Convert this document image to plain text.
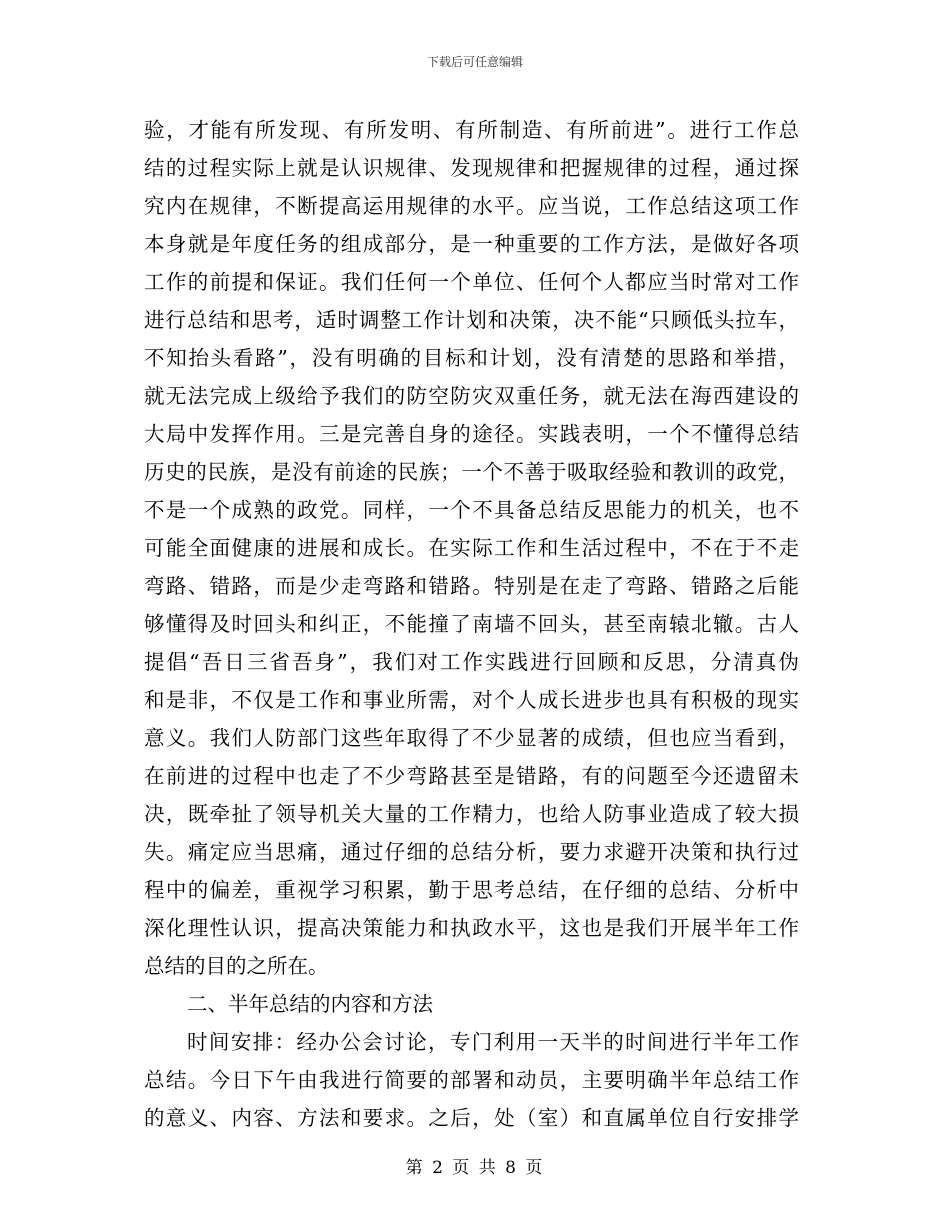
下载后可任意编辑
验，才能有所发现、有所发明、有所制造、有所前进”。进行工作总
结的过程实际上就是认识规律、发现规律和把握规律的过程，通过探
究内在规律，不断提高运用规律的水平。应当说，工作总结这项工作
本身就是年度任务的组成部分，是一种重要的工作方法，是做好各项
工作的前提和保证。我们任何一个单位、任何个人都应当时常对工作
进行总结和思考，适时调整工作计划和决策，决不能“只顾低头拉车，
不知抬头看路”，没有明确的目标和计划，没有清楚的思路和举措，
就无法完成上级给予我们的防空防灾双重任务，就无法在海西建设的
大局中发挥作用。三是完善自身的途径。实践表明，一个不懂得总结
历史的民族，是没有前途的民族；一个不善于吸取经验和教训的政党，
不是一个成熟的政党。同样，一个不具备总结反思能力的机关，也不
可能全面健康的进展和成长。在实际工作和生活过程中，不在于不走
弯路、错路，而是少走弯路和错路。特别是在走了弯路、错路之后能
够懂得及时回头和纠正，不能撞了南墙不回头，甚至南辕北辙。古人
提倡“吾日三省吾身”，我们对工作实践进行回顾和反思，分清真伪
和是非，不仅是工作和事业所需，对个人成长进步也具有积极的现实
意义。我们人防部门这些年取得了不少显著的成绩，但也应当看到，
在前进的过程中也走了不少弯路甚至是错路，有的问题至今还遗留未
决，既牵扯了领导机关大量的工作精力，也给人防事业造成了较大损
失。痛定应当思痛，通过仔细的总结分析，要力求避开决策和执行过
程中的偏差，重视学习积累，勤于思考总结，在仔细的总结、分析中
深化理性认识，提高决策能力和执政水平，这也是我们开展半年工作
总结的目的之所在。
二、半年总结的内容和方法
时间安排：经办公会讨论，专门利用一天半的时间进行半年工作
总结。今日下午由我进行简要的部署和动员，主要明确半年总结工作
的意义、内容、方法和要求。之后，处（室）和直属单位自行安排学
第 2 页 共 8 页
